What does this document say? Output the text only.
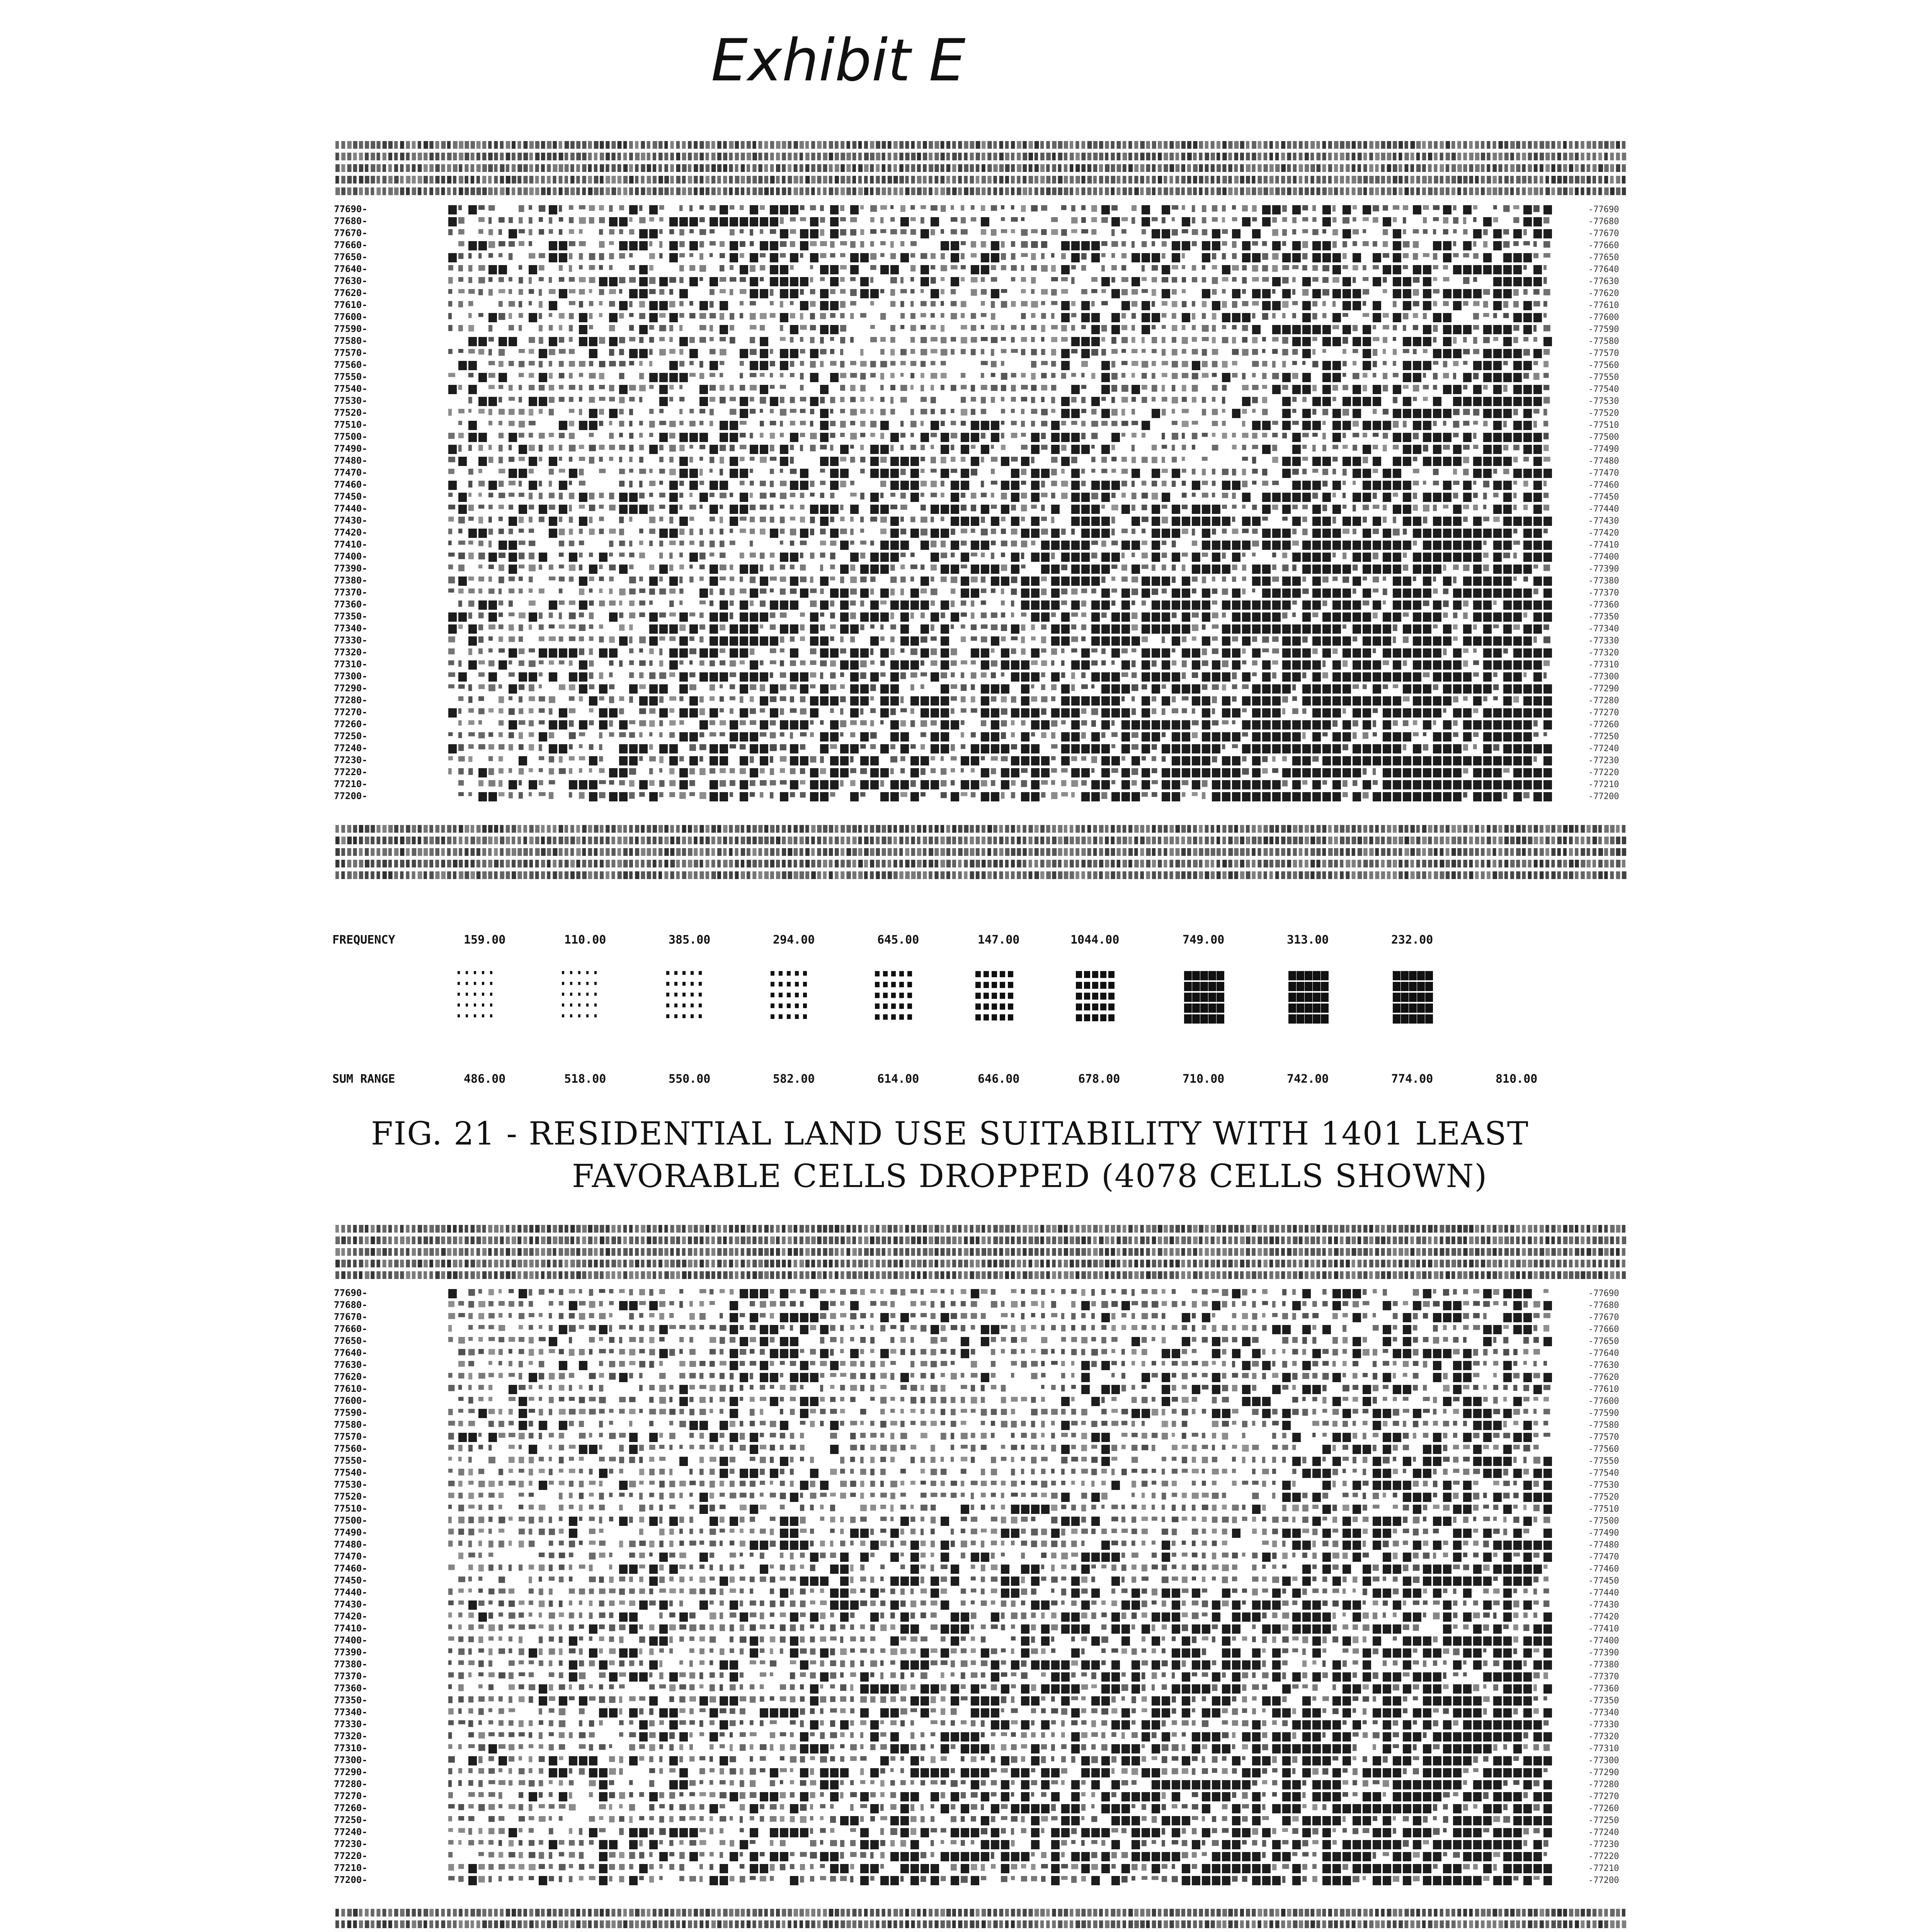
Exhibit E
77690-	-77690
77680-	-77680
77670-	-77670
77660-	-77660
77650-	-77650
77640-	-77640
77630-	-77630
77620-	-77620
77610-	-77610
77600-	-77600
77590-	-77590
77580-	-77580
77570-	-77570
77560-	-77560
77550-	-77550
77540-	-77540
77530-	-77530
77520-	-77520
77510-	-77510
77500-	-77500
77490-	-77490
77480-	-77480
77470-	-77470
77460-	-77460
77450-	-77450
77440-	-77440
77430-	-77430
77420-	-77420
77410-	-77410
77400-	-77400
77390-	-77390
77380-	-77380
77370-	-77370
77360-	-77360
77350-	-77350
77340-	-77340
77330-	-77330
77320-	-77320
77310-	-77310
77300-	-77300
77290-	-77290
77280-	-77280
77270-	-77270
77260-	-77260
77250-	-77250
77240-	-77240
77230-	-77230
77220-	-77220
77210-	-77210
77200-	-77200
FREQUENCY	159.00	110.00	385.00	294.00	645.00	147.00	1044.00	749.00	313.00	232.00
SUM RANGE	486.00	518.00	550.00	582.00	614.00	646.00	678.00	710.00	742.00	774.00	810.00
FIG. 21 - RESIDENTIAL LAND USE SUITABILITY WITH 1401 LEAST
FAVORABLE CELLS DROPPED (4078 CELLS SHOWN)
77690-	-77690
77680-	-77680
77670-	-77670
77660-	-77660
77650-	-77650
77640-	-77640
77630-	-77630
77620-	-77620
77610-	-77610
77600-	-77600
77590-	-77590
77580-	-77580
77570-	-77570
77560-	-77560
77550-	-77550
77540-	-77540
77530-	-77530
77520-	-77520
77510-	-77510
77500-	-77500
77490-	-77490
77480-	-77480
77470-	-77470
77460-	-77460
77450-	-77450
77440-	-77440
77430-	-77430
77420-	-77420
77410-	-77410
77400-	-77400
77390-	-77390
77380-	-77380
77370-	-77370
77360-	-77360
77350-	-77350
77340-	-77340
77330-	-77330
77320-	-77320
77310-	-77310
77300-	-77300
77290-	-77290
77280-	-77280
77270-	-77270
77260-	-77260
77250-	-77250
77240-	-77240
77230-	-77230
77220-	-77220
77210-	-77210
77200-	-77200
